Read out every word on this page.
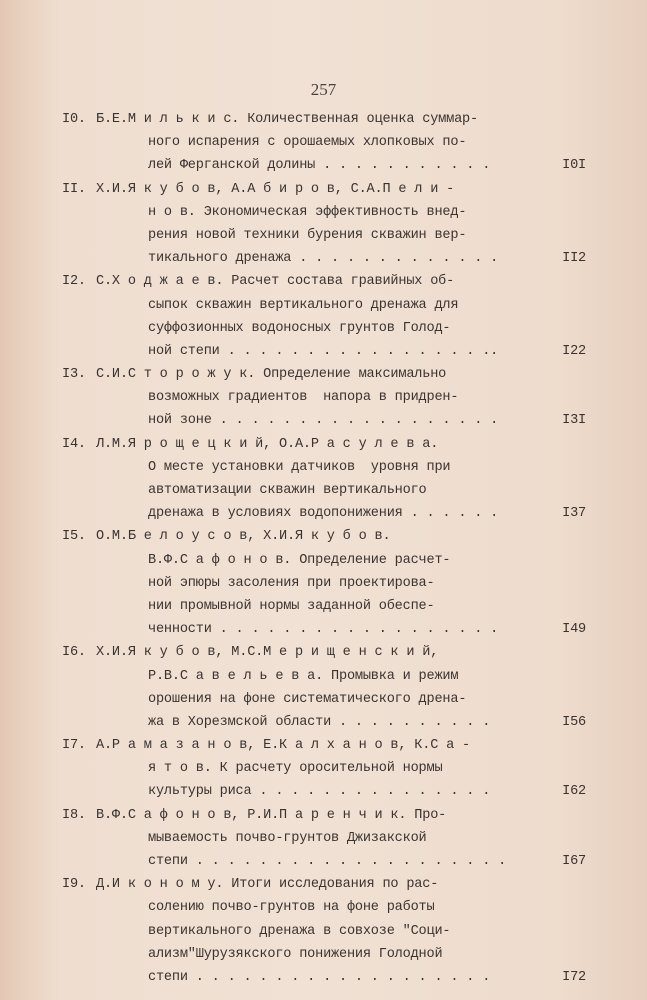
257
I0. Б.Е.М и л ь к и с. Количественная оценка суммар-
ного испарения с орошаемых хлопковых по-
лей Ферганской долины . . . . . . . . . . .	I0I
II. Х.И.Я к у б о в, А.А б и р о в, С.А.П е л и -
н о в. Экономическая эффективность внед-
рения новой техники бурения скважин вер-
тикального дренажа . . . . . . . . . . . . .	II2
I2. С.Х о д ж а е в. Расчет состава гравийных об-
сыпок скважин вертикального дренажа для
суффозионных водоносных грунтов Голод-
ной степи . . . . . . . . . . . . . . . . ..	I22
I3. С.И.С т о р о ж у к. Определение максимально
возможных градиентов  напора в придрен-
ной зоне . . . . . . . . . . . . . . . . . .	I3I
I4. Л.М.Я р о щ е ц к и й, О.А.Р а с у л е в а.
О месте установки датчиков  уровня при
автоматизации скважин вертикального
дренажа в условиях водопонижения . . . . . .	I37
I5. О.М.Б е л о у с о в, Х.И.Я к у б о в.
В.Ф.С а ф о н о в. Определение расчет-
ной эпюры засоления при проектирова-
нии промывной нормы заданной обеспе-
ченности . . . . . . . . . . . . . . . . . .	I49
I6. Х.И.Я к у б о в, М.С.М е р и щ е н с к и й,
Р.В.С а в е л ь е в а. Промывка и режим
орошения на фоне систематического дрена-
жа в Хорезмской области . . . . . . . . . .	I56
I7. А.Р а м а з а н о в, Е.К а л х а н о в, К.С а -
я т о в. К расчету оросительной нормы
культуры риса . . . . . . . . . . . . . . .	I62
I8. В.Ф.С а ф о н о в, Р.И.П а р е н ч и к. Про-
мываемость почво-грунтов Джизакской
степи . . . . . . . . . . . . . . . . . . . .	I67
I9. Д.И к о н о м у. Итоги исследования по рас-
солению почво-грунтов на фоне работы
вертикального дренажа в совхозе "Соци-
ализм"Шурузякского понижения Голодной
степи . . . . . . . . . . . . . . . . . . .	I72
